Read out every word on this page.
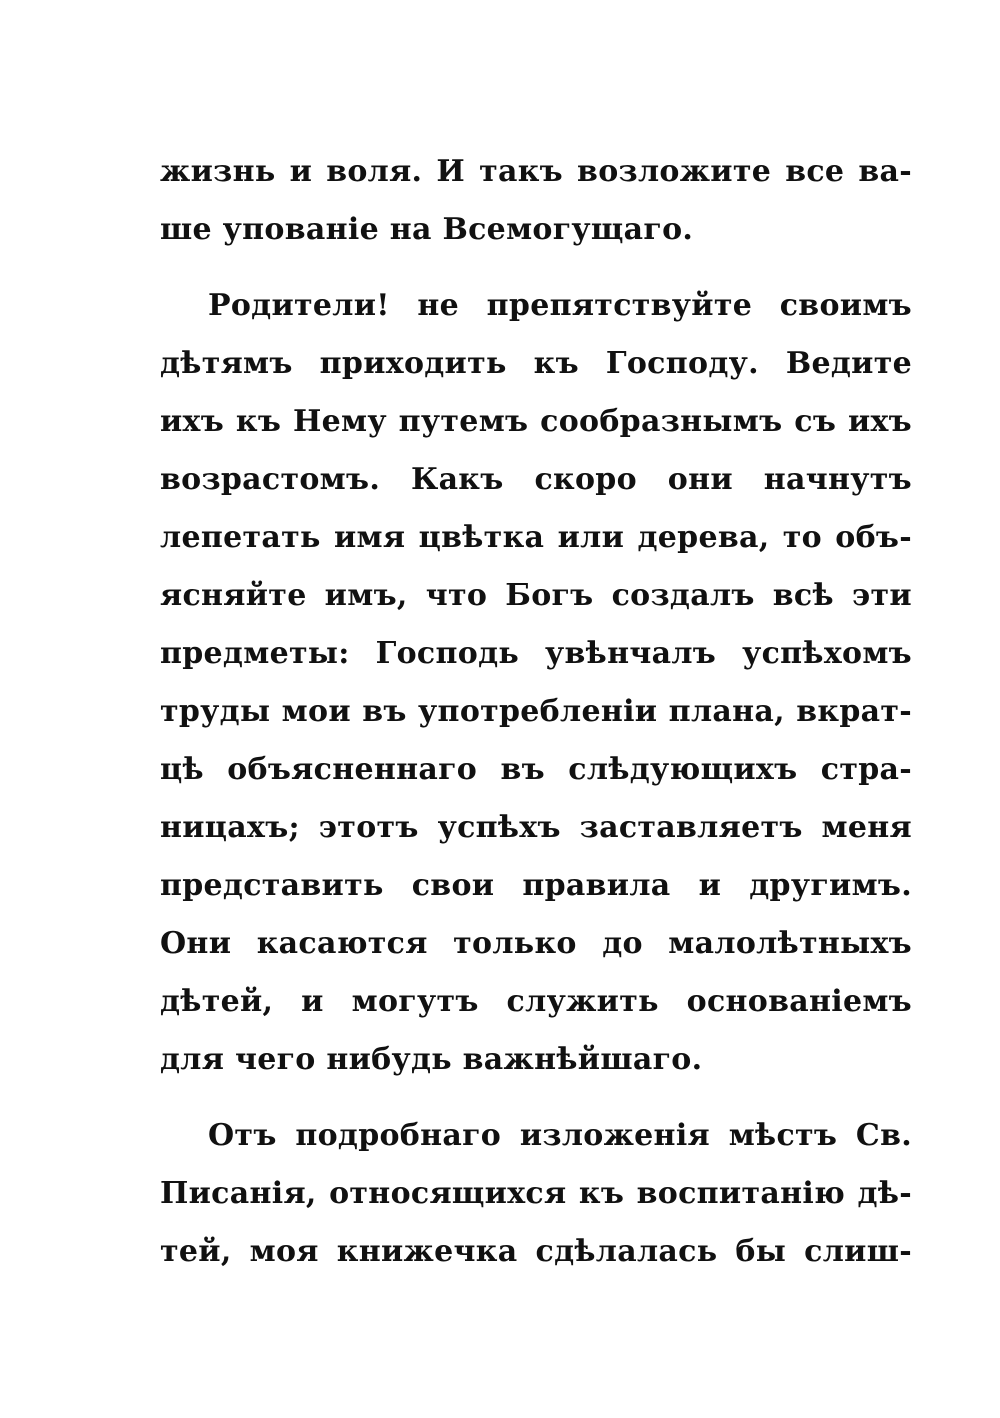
жизнь и воля. И такъ возложите все ва-
ше упованіе на Всемогущаго.
Родители! не препятствуйте своимъ
дѣтямъ приходить къ Господу. Ведите
ихъ къ Нему путемъ сообразнымъ съ ихъ
возрастомъ. Какъ скоро они начнутъ
лепетать имя цвѣтка или дерева, то объ-
ясняйте имъ, что Богъ создалъ всѣ эти
предметы: Господь увѣнчалъ успѣхомъ
труды мои въ употребленіи плана, вкрат-
цѣ объясненнаго въ слѣдующихъ стра-
ницахъ; этотъ успѣхъ заставляетъ меня
представить свои правила и другимъ.
Они касаются только до малолѣтныхъ
дѣтей, и могутъ служить основаніемъ
для чего нибудь важнѣйшаго.
Отъ подробнаго изложенія мѣстъ Св.
Писанія, относящихся къ воспитанію дѣ-
тей, моя книжечка сдѣлалась бы слиш-
